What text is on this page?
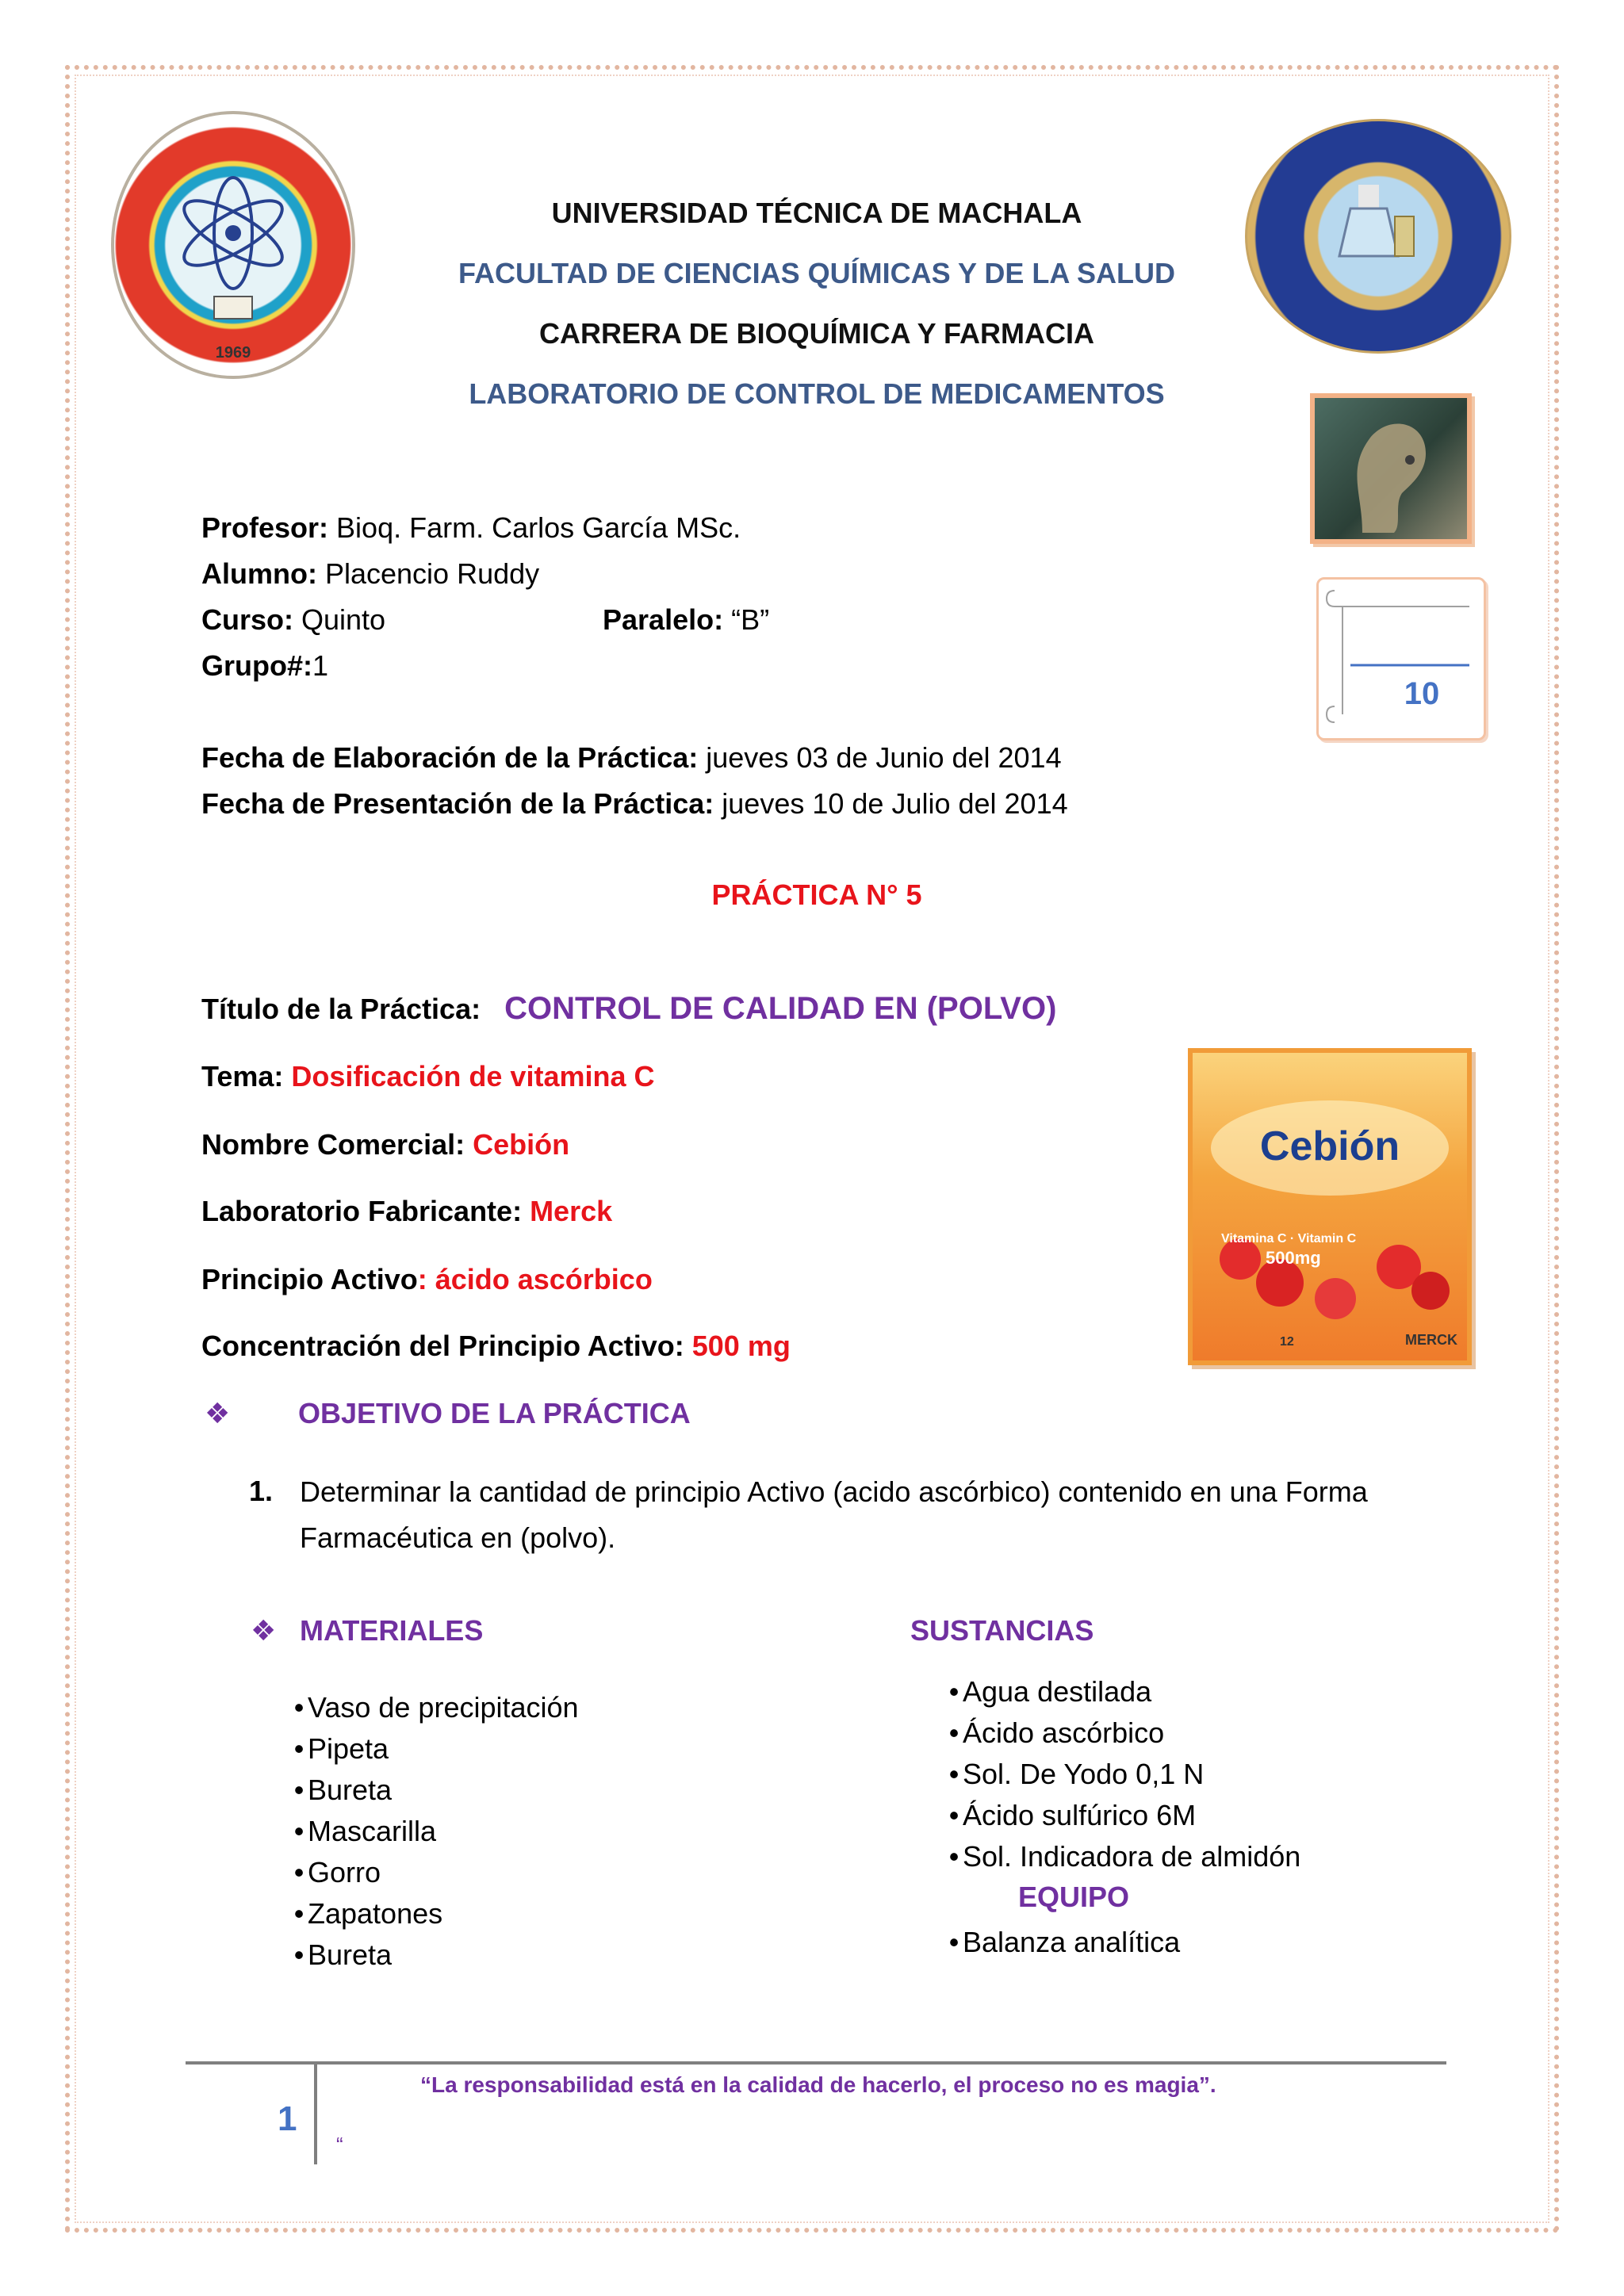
1969
UNIVERSIDAD TÉCNICA DE MACHALA
FACULTAD DE CIENCIAS QUÍMICAS Y DE LA SALUD
CARRERA DE BIOQUÍMICA Y FARMACIA
LABORATORIO DE CONTROL DE MEDICAMENTOS
10
Profesor: Bioq. Farm. Carlos García MSc.
Alumno: Placencio Ruddy
Curso: Quinto	Paralelo: “B”
Grupo#:1
Fecha de Elaboración de la Práctica: jueves 03 de Junio del 2014
Fecha de Presentación de la Práctica: jueves 10 de Julio del 2014
PRÁCTICA N° 5
Título de la Práctica: CONTROL DE CALIDAD EN (POLVO)
Tema: Dosificación de vitamina C
Nombre Comercial: Cebión
Laboratorio Fabricante: Merck
Principio Activo: ácido ascórbico
Concentración del Principio Activo: 500 mg
Cebión
Vitamina C · Vitamin C
500mg
12	MERCK
❖ OBJETIVO DE LA PRÁCTICA
1. Determinar la cantidad de principio Activo (acido ascórbico) contenido en una Forma
Farmacéutica en (polvo).
❖ MATERIALES
• Vaso de precipitación
• Pipeta
• Bureta
• Mascarilla
• Gorro
• Zapatones
• Bureta
SUSTANCIAS
• Agua destilada
• Ácido ascórbico
• Sol. De Yodo 0,1 N
• Ácido sulfúrico 6M
• Sol. Indicadora de almidón
EQUIPO
• Balanza analítica
1
“La responsabilidad está en la calidad de hacerlo, el proceso no es magia”.
“
